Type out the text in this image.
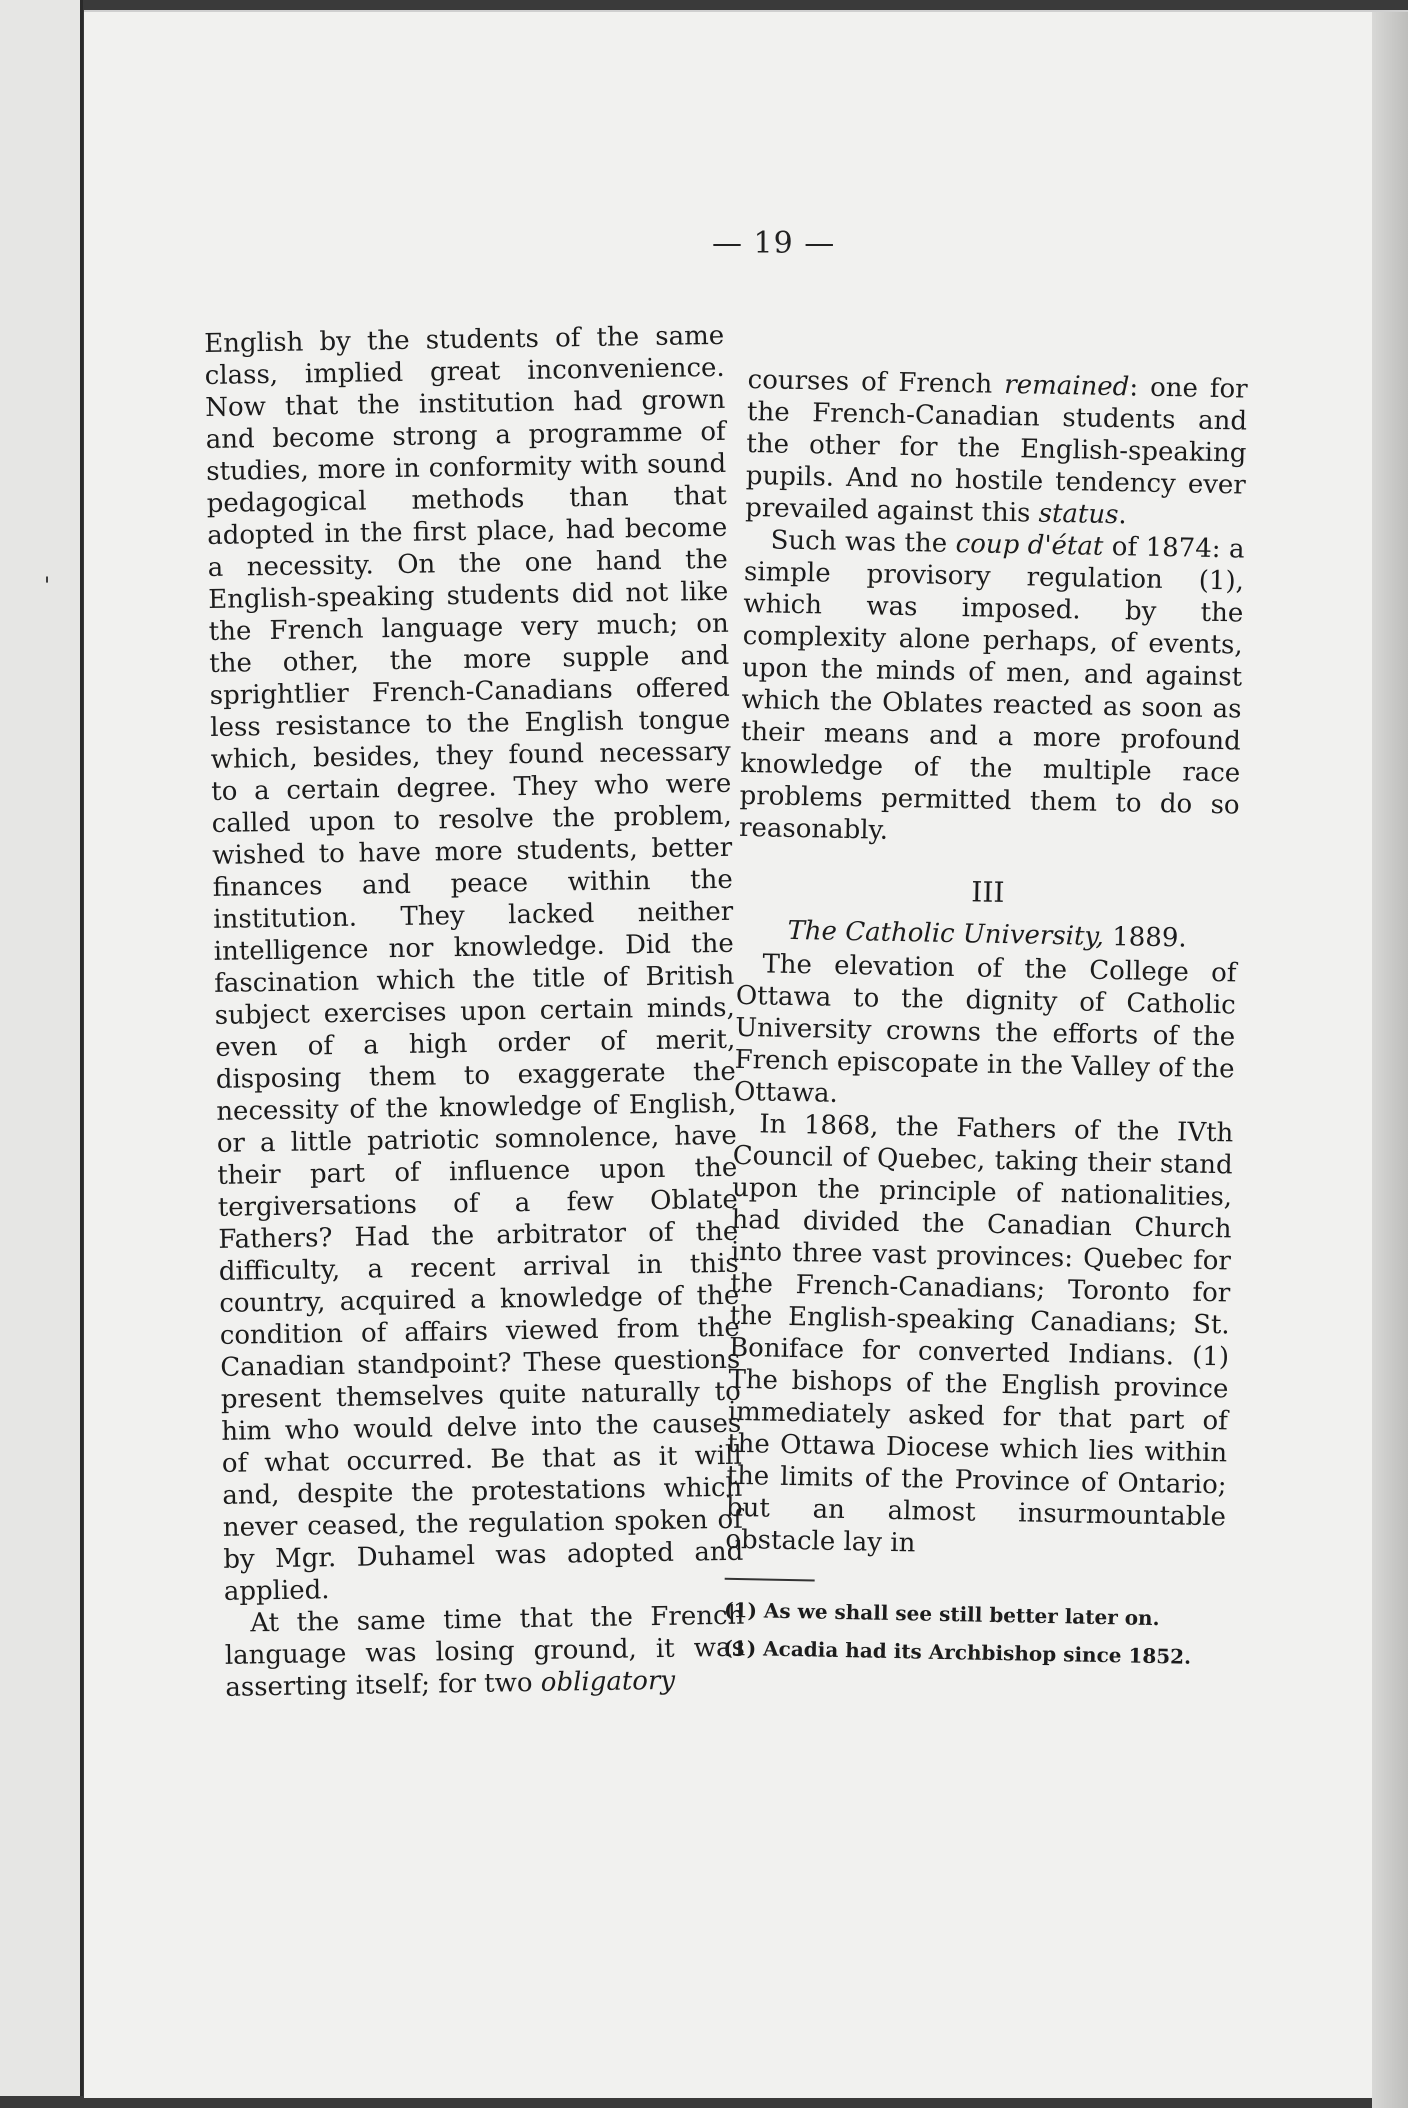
'
— 19 —

English by the students of the same class, implied great inconvenience. Now that the institution had grown and become strong a programme of studies, more in conformity with sound pedagogical methods than that adopted in the first place, had become a necessity. On the one hand the English-speaking students did not like the French language very much; on the other, the more supple and sprightlier French-Canadians offered less resistance to the English tongue which, besides, they found necessary to a certain degree. They who were called upon to resolve the problem, wished to have more students, better finances and peace within the institution. They lacked neither intelligence nor knowledge. Did the fascination which the title of British subject exercises upon certain minds, even of a high order of merit, disposing them to exaggerate the necessity of the knowledge of English, or a little patriotic somnolence, have their part of influence upon the tergiversations of a few Oblate Fathers? Had the arbitrator of the difficulty, a recent arrival in this country, acquired a knowledge of the condition of affairs viewed from the Canadian standpoint? These questions present themselves quite naturally to him who would delve into the causes of what occurred. Be that as it will and, despite the protestations which never ceased, the regulation spoken of by Mgr. Duhamel was adopted and applied.

At the same time that the French language was losing ground, it was asserting itself; for two obligatory

courses of French remained: one for the French-Canadian students and the other for the English-speaking pupils. And no hostile tendency ever prevailed against this status.

Such was the coup d'état of 1874: a simple provisory regulation (1), which was imposed. by the complexity alone perhaps, of events, upon the minds of men, and against which the Oblates reacted as soon as their means and a more profound knowledge of the multiple race problems permitted them to do so reasonably.

III
The Catholic University, 1889.

The elevation of the College of Ottawa to the dignity of Catholic University crowns the efforts of the French episcopate in the Valley of the Ottawa.

In 1868, the Fathers of the IVth Council of Quebec, taking their stand upon the principle of nationalities, had divided the Canadian Church into three vast provinces: Quebec for the French-Canadians; Toronto for the English-speaking Canadians; St. Boniface for converted Indians. (1) The bishops of the English province immediately asked for that part of the Ottawa Diocese which lies within the limits of the Province of Ontario; but an almost insurmountable obstacle lay in

(1) As we shall see still better later on.

(1) Acadia had its Archbishop since 1852.
